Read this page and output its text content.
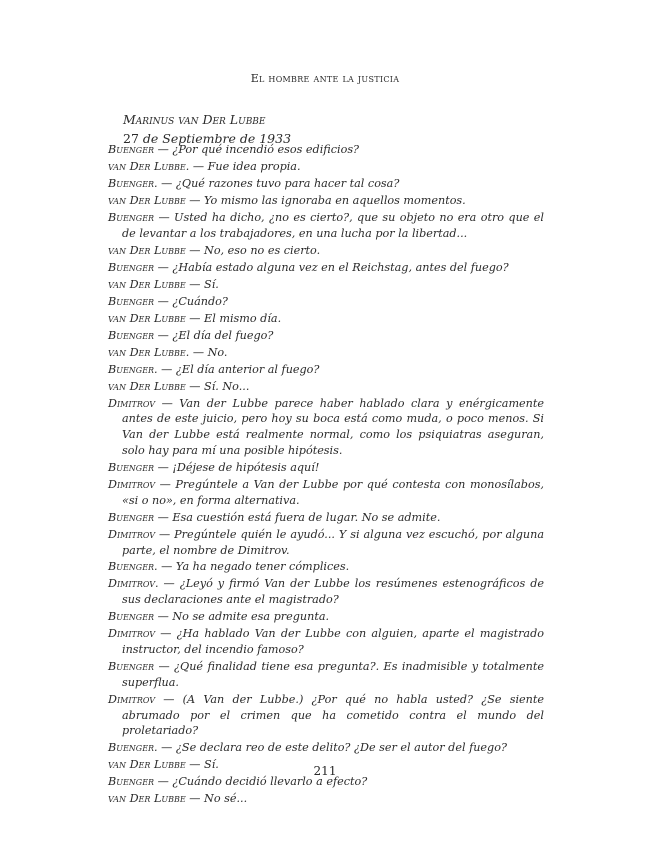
El hombre ante la justicia
Marinus van Der Lubbe
27 de Septiembre de 1933

Buenger — ¿Por qué incendió esos edificios?

van Der Lubbe. — Fue idea propia.

Buenger. — ¿Qué razones tuvo para hacer tal cosa?

van Der Lubbe — Yo mismo las ignoraba en aquellos momentos.

Buenger — Usted ha dicho, ¿no es cierto?, que su objeto no era otro que el de levantar a los trabajadores, en una lucha por la libertad...

van Der Lubbe — No, eso no es cierto.

Buenger — ¿Había estado alguna vez en el Reichstag, antes del fuego?

van Der Lubbe — Sí.

Buenger — ¿Cuándo?

van Der Lubbe — El mismo día.

Buenger — ¿El día del fuego?

van Der Lubbe. — No.

Buenger. — ¿El día anterior al fuego?

van Der Lubbe — Sí. No...

Dimitrov — Van der Lubbe parece haber hablado clara y enérgicamente antes de este juicio, pero hoy su boca está como muda, o poco menos. Si Van der Lubbe está realmente normal, como los psiquiatras aseguran, solo hay para mí una posible hipótesis.

Buenger — ¡Déjese de hipótesis aquí!

Dimitrov — Pregúntele a Van der Lubbe por qué contesta con monosílabos, «si o no», en forma alternativa.

Buenger — Esa cuestión está fuera de lugar. No se admite.

Dimitrov — Pregúntele quién le ayudó... Y si alguna vez escuchó, por alguna parte, el nombre de Dimitrov.

Buenger. — Ya ha negado tener cómplices.

Dimitrov. — ¿Leyó y firmó Van der Lubbe los resúmenes estenográficos de sus declaraciones ante el magistrado?

Buenger — No se admite esa pregunta.

Dimitrov — ¿Ha hablado Van der Lubbe con alguien, aparte el magistrado instructor, del incendio famoso?

Buenger — ¿Qué finalidad tiene esa pregunta?. Es inadmisible y totalmente superflua.

Dimitrov — (A Van der Lubbe.) ¿Por qué no habla usted? ¿Se siente abrumado por el crimen que ha cometido contra el mundo del proletariado?

Buenger. — ¿Se declara reo de este delito? ¿De ser el autor del fuego?

van Der Lubbe — Sí.

Buenger — ¿Cuándo decidió llevarlo a efecto?

van Der Lubbe — No sé...

211
